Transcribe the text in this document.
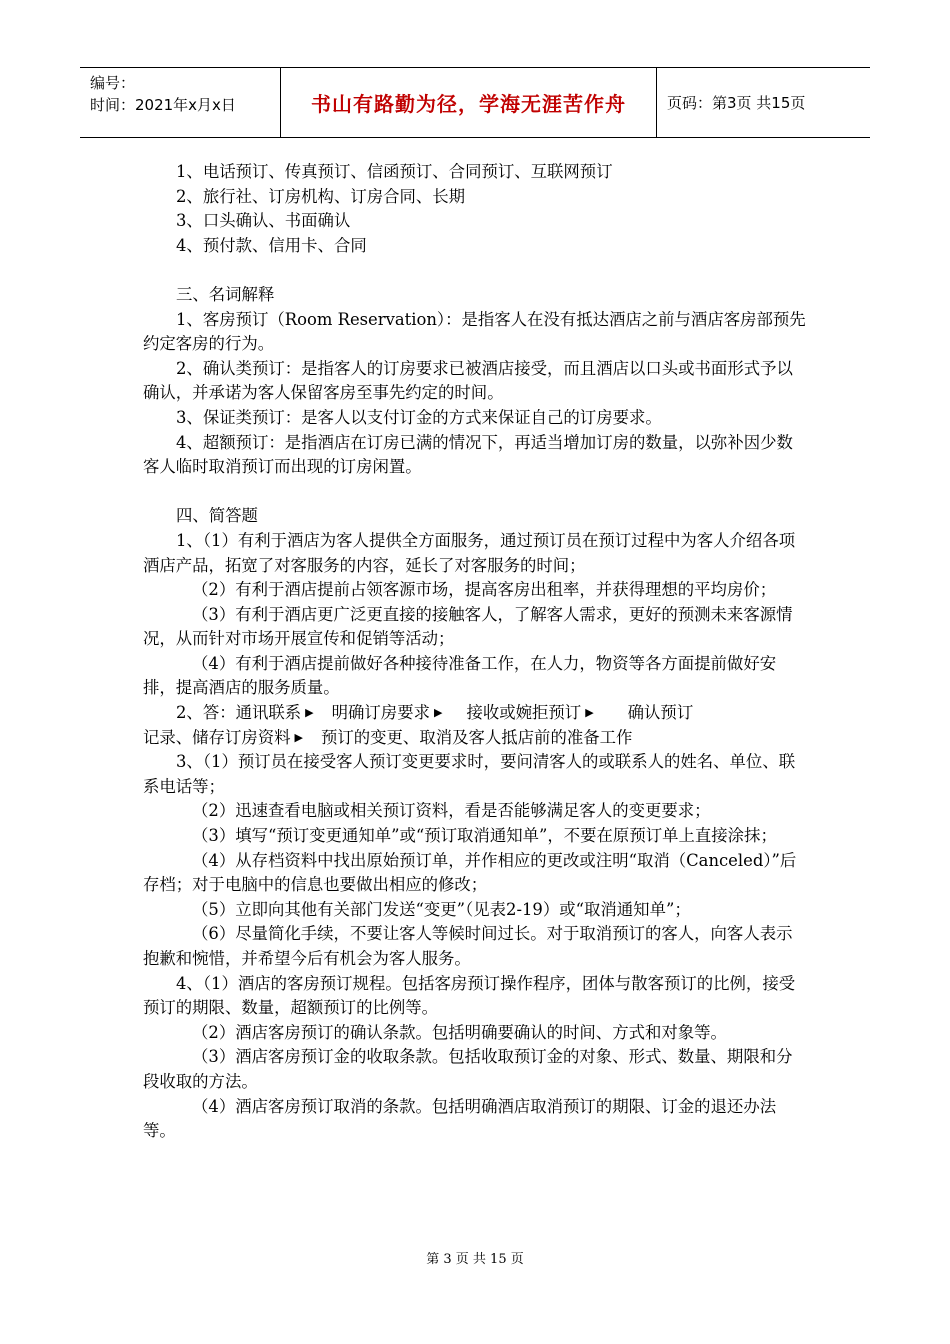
编号：
时间：2021年x月x日	书山有路勤为径，学海无涯苦作舟	页码：第3页 共15页

1、电话预订、传真预订、信函预订、合同预订、互联网预订

2、旅行社、订房机构、订房合同、长期

3、口头确认、书面确认

4、预付款、信用卡、合同

三、名词解释

1、客房预订（Room Reservation）：是指客人在没有抵达酒店之前与酒店客房部预先约定客房的行为。

2、确认类预订：是指客人的订房要求已被酒店接受，而且酒店以口头或书面形式予以确认，并承诺为客人保留客房至事先约定的时间。

3、保证类预订：是客人以支付订金的方式来保证自己的订房要求。

4、超额预订：是指酒店在订房已满的情况下，再适当增加订房的数量，以弥补因少数客人临时取消预订而出现的订房闲置。

四、简答题

1、（1）有利于酒店为客人提供全方面服务，通过预订员在预订过程中为客人介绍各项酒店产品，拓宽了对客服务的内容，延长了对客服务的时间；

（2）有利于酒店提前占领客源市场，提高客房出租率，并获得理想的平均房价；

（3）有利于酒店更广泛更直接的接触客人，了解客人需求，更好的预测未来客源情况，从而针对市场开展宣传和促销等活动；

（4）有利于酒店提前做好各种接待准备工作，在人力，物资等各方面提前做好安排，提高酒店的服务质量。

2、答：通讯联系 ▶ 明确订房要求 ▶ 接收或婉拒预订 ▶ 确认预订
记录、储存订房资料 ▶ 预订的变更、取消及客人抵店前的准备工作

3、（1）预订员在接受客人预订变更要求时，要问清客人的或联系人的姓名、单位、联系电话等；

（2）迅速查看电脑或相关预订资料，看是否能够满足客人的变更要求；

（3）填写“预订变更通知单”或“预订取消通知单”，不要在原预订单上直接涂抹；

（4）从存档资料中找出原始预订单，并作相应的更改或注明“取消（Canceled）”后存档；对于电脑中的信息也要做出相应的修改；

（5）立即向其他有关部门发送“变更”（见表2-19）或“取消通知单”；

（6）尽量简化手续，不要让客人等候时间过长。对于取消预订的客人，向客人表示抱歉和惋惜，并希望今后有机会为客人服务。

4、（1）酒店的客房预订规程。包括客房预订操作程序，团体与散客预订的比例，接受预订的期限、数量，超额预订的比例等。

（2）酒店客房预订的确认条款。包括明确要确认的时间、方式和对象等。

（3）酒店客房预订金的收取条款。包括收取预订金的对象、形式、数量、期限和分段收取的方法。

（4）酒店客房预订取消的条款。包括明确酒店取消预订的期限、订金的退还办法等。

第 3 页 共 15 页
